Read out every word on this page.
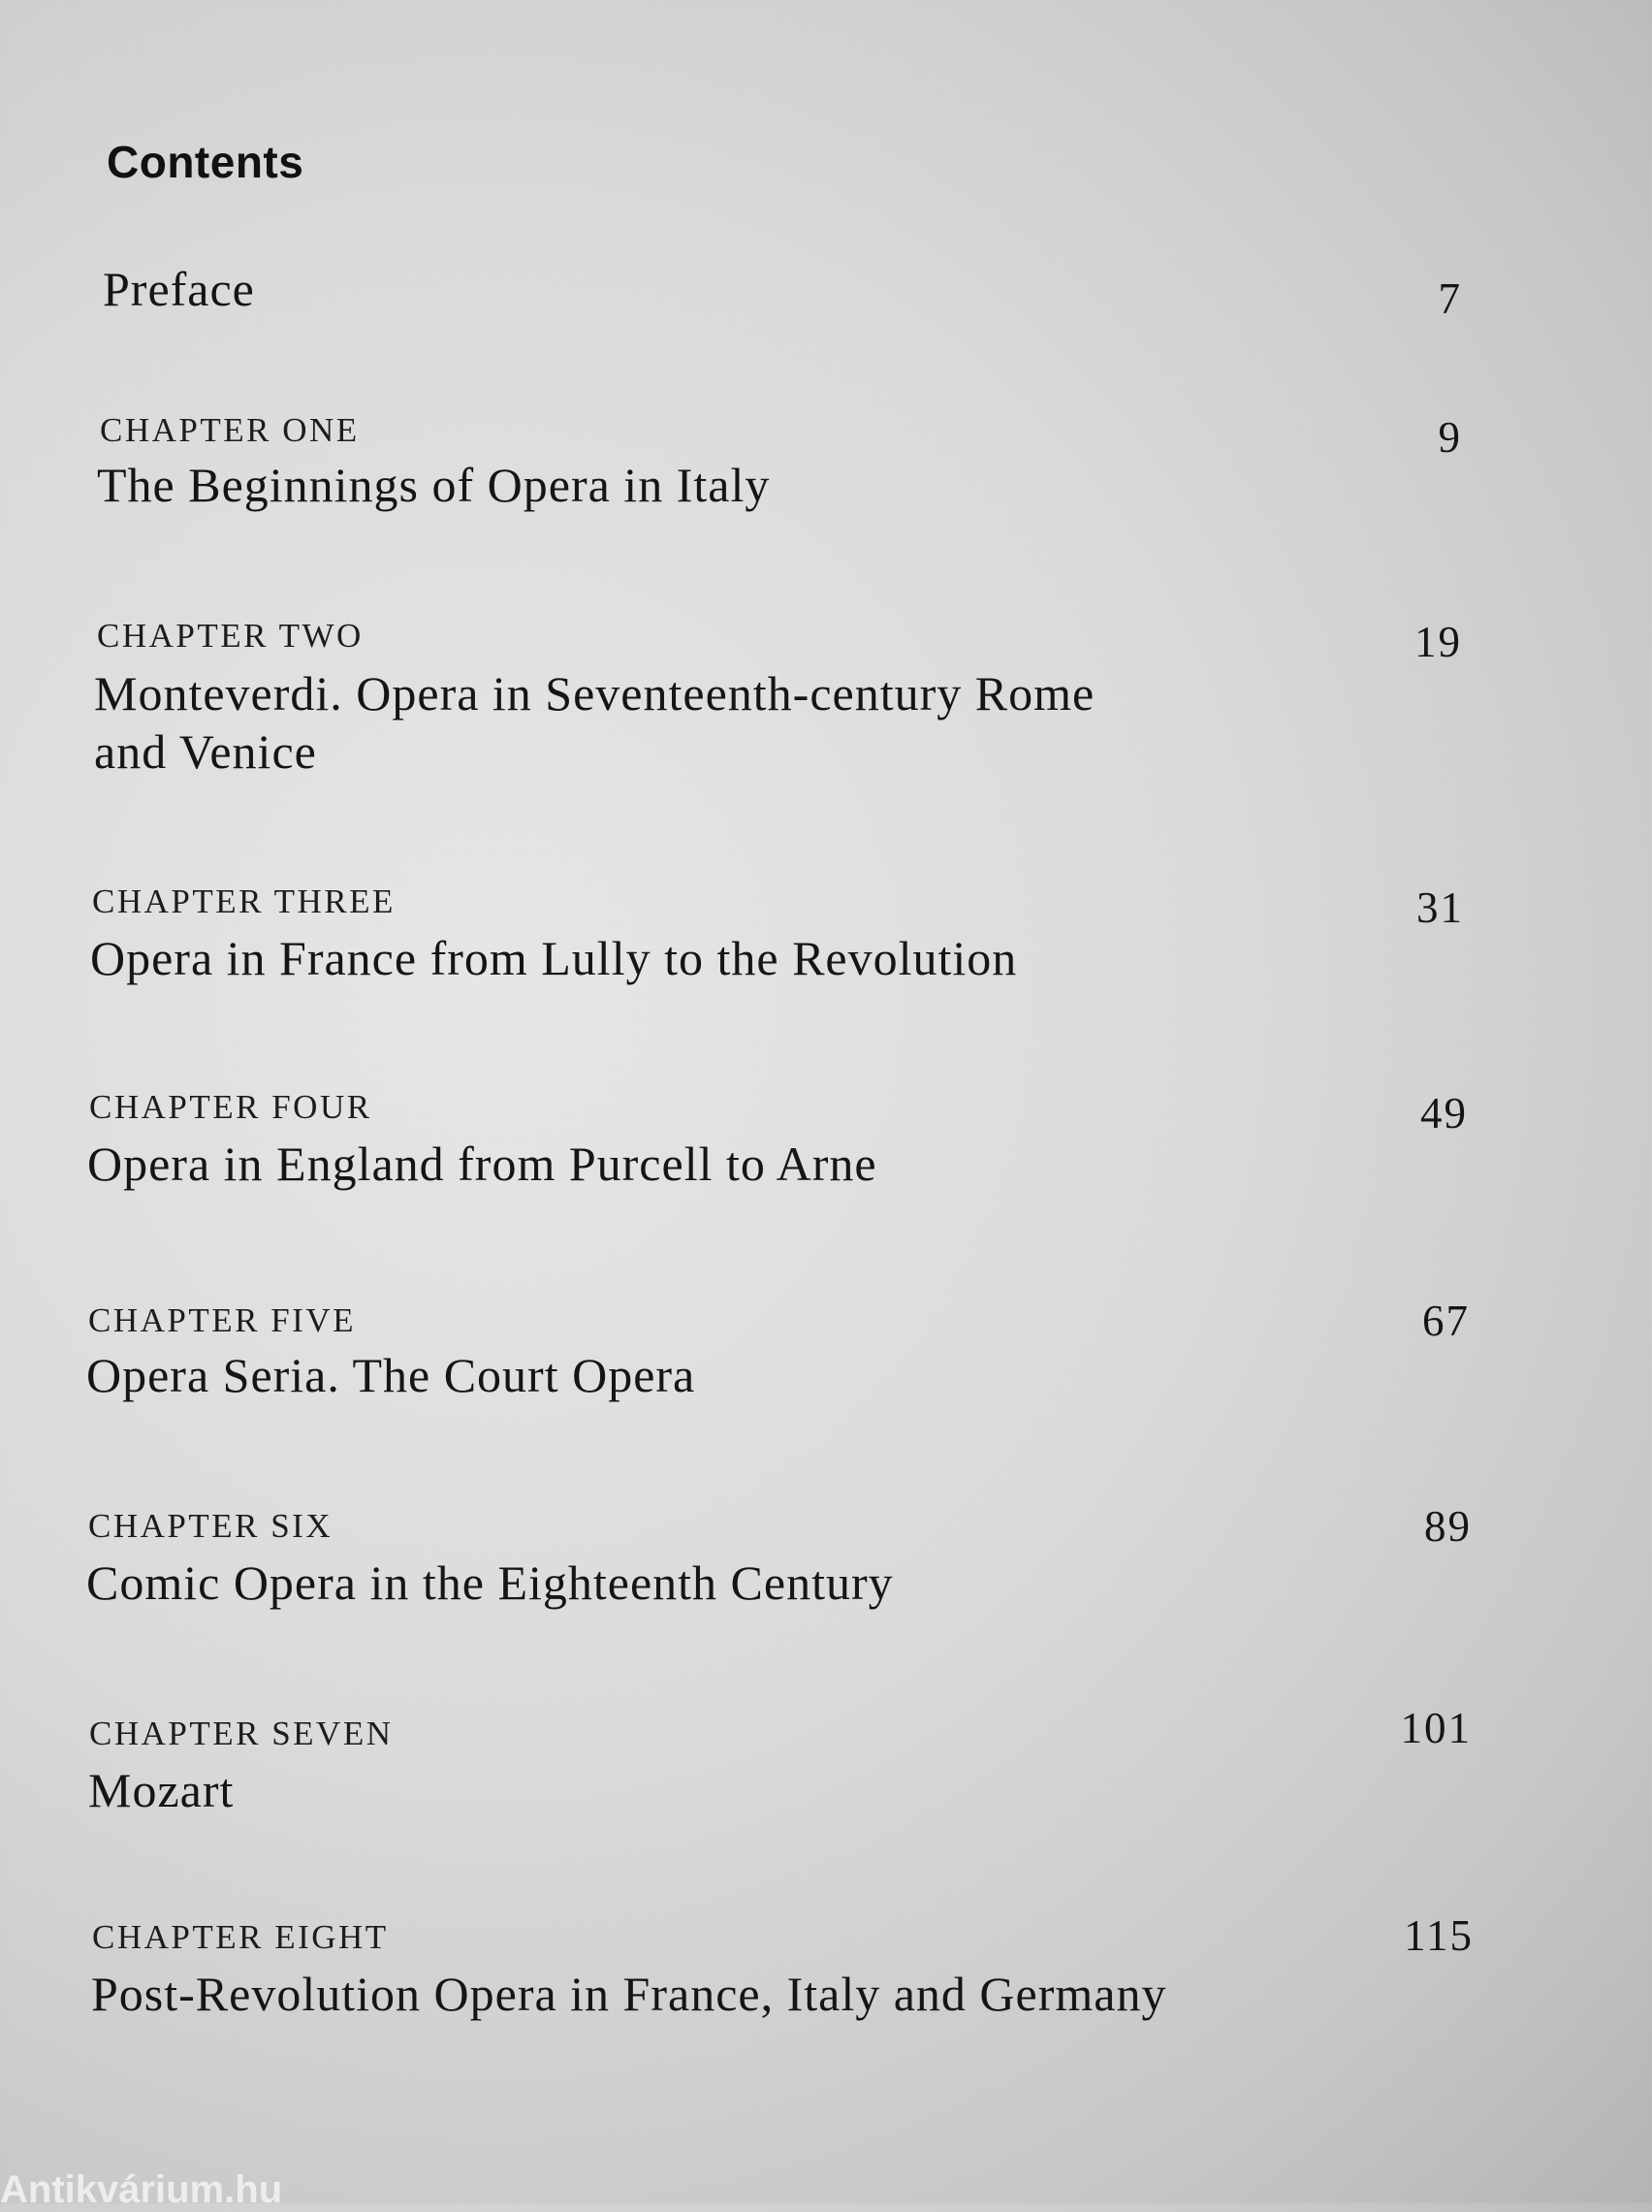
Contents
Preface	7
CHAPTER ONE	9
The Beginnings of Opera in Italy
CHAPTER TWO	19
Monteverdi. Opera in Seventeenth-century Rome
and Venice
CHAPTER THREE	31
Opera in France from Lully to the Revolution
CHAPTER FOUR	49
Opera in England from Purcell to Arne
CHAPTER FIVE	67
Opera Seria. The Court Opera
CHAPTER SIX	89
Comic Opera in the Eighteenth Century
CHAPTER SEVEN	101
Mozart
CHAPTER EIGHT	115
Post-Revolution Opera in France, Italy and Germany
Antikvárium.hu
